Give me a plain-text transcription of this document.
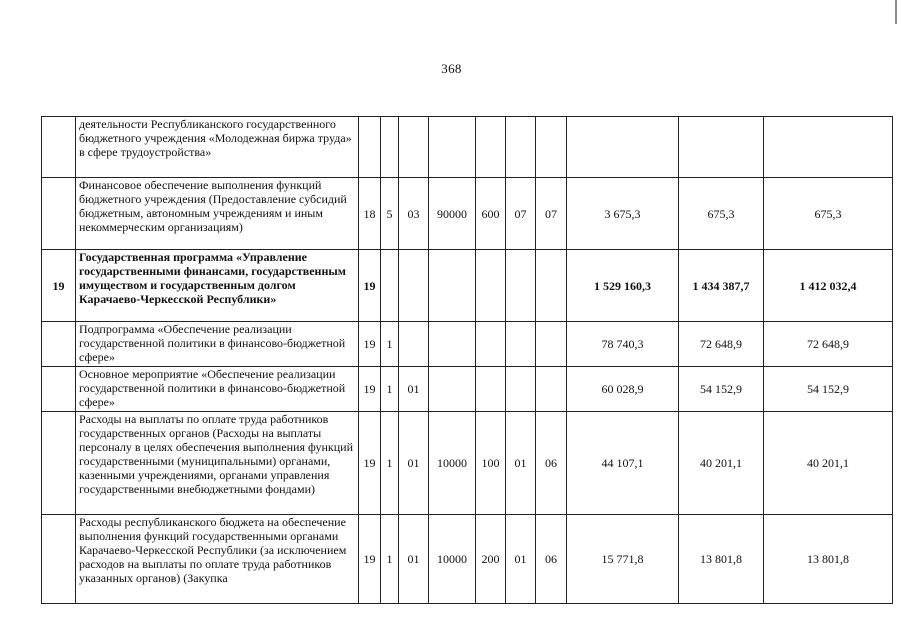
368
	деятельности Республиканского государственного бюджетного учреждения «Молодежная биржа труда» в сфере трудоустройства»										
	Финансовое обеспечение выполнения функций бюджетного учреждения (Предоставление субсидий бюджетным, автономным учреждениям и иным некоммерческим организациям)	18	5	03	90000	600	07	07	3 675,3	675,3	675,3
19	Государственная программа «Управление государственными финансами, государственным имуществом и государственным долгом Карачаево-Черкесской Республики»	19							1 529 160,3	1 434 387,7	1 412 032,4
	Подпрограмма «Обеспечение реализации государственной политики в финансово-бюджетной сфере»	19	1						78 740,3	72 648,9	72 648,9
	Основное мероприятие «Обеспечение реализации государственной политики в финансово-бюджетной сфере»	19	1	01					60 028,9	54 152,9	54 152,9
	Расходы на выплаты по оплате труда работников государственных органов (Расходы на выплаты персоналу в целях обеспечения выполнения функций государственными (муниципальными) органами, казенными учреждениями, органами управления государственными внебюджетными фондами)	19	1	01	10000	100	01	06	44 107,1	40 201,1	40 201,1
	Расходы республиканского бюджета на обеспечение выполнения функций государственными органами Карачаево-Черкесской Республики (за исключением расходов на выплаты по оплате труда работников указанных органов) (Закупка	19	1	01	10000	200	01	06	15 771,8	13 801,8	13 801,8
